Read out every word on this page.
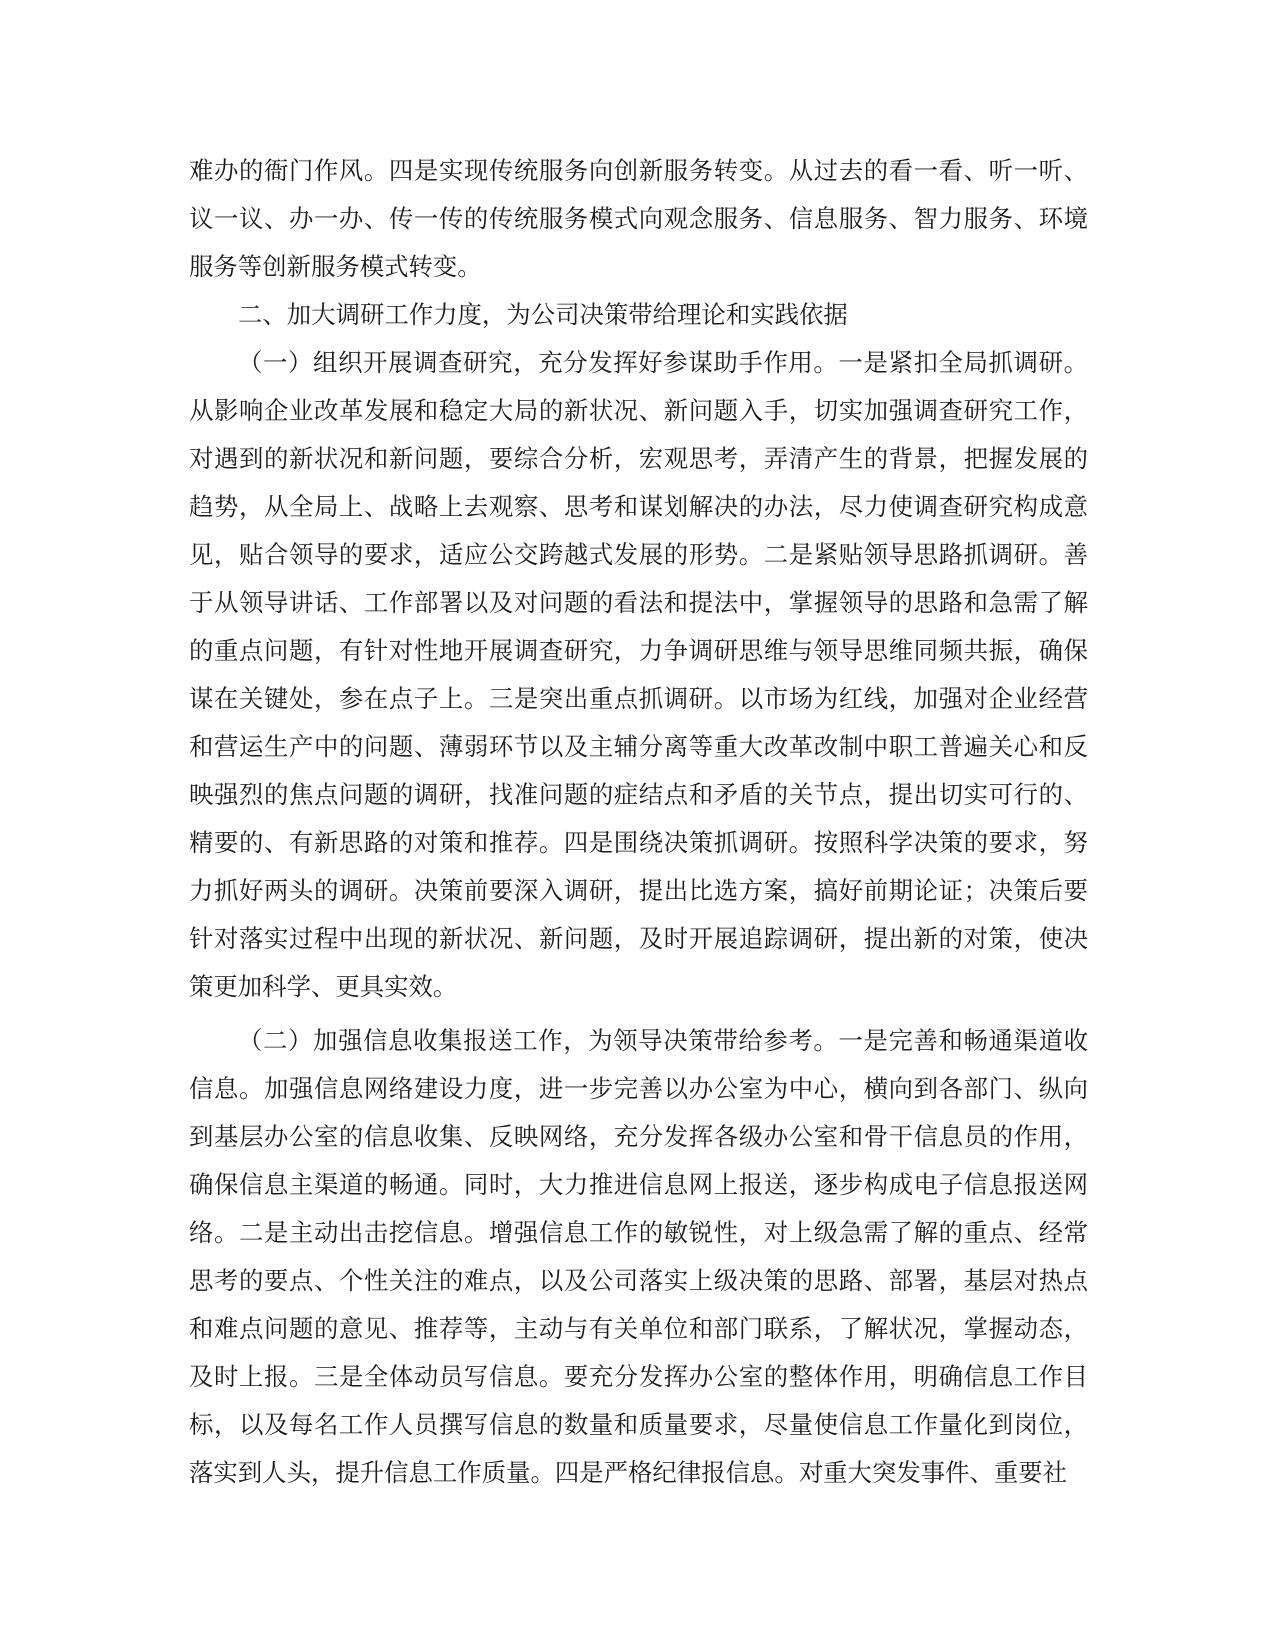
难办的衙门作风。四是实现传统服务向创新服务转变。从过去的看一看、听一听、议一议、办一办、传一传的传统服务模式向观念服务、信息服务、智力服务、环境服务等创新服务模式转变。

二、加大调研工作力度，为公司决策带给理论和实践依据

（一）组织开展调查研究，充分发挥好参谋助手作用。一是紧扣全局抓调研。从影响企业改革发展和稳定大局的新状况、新问题入手，切实加强调查研究工作，对遇到的新状况和新问题，要综合分析，宏观思考，弄清产生的背景，把握发展的趋势，从全局上、战略上去观察、思考和谋划解决的办法，尽力使调查研究构成意见，贴合领导的要求，适应公交跨越式发展的形势。二是紧贴领导思路抓调研。善于从领导讲话、工作部署以及对问题的看法和提法中，掌握领导的思路和急需了解的重点问题，有针对性地开展调查研究，力争调研思维与领导思维同频共振，确保谋在关键处，参在点子上。三是突出重点抓调研。以市场为红线，加强对企业经营和营运生产中的问题、薄弱环节以及主辅分离等重大改革改制中职工普遍关心和反映强烈的焦点问题的调研，找准问题的症结点和矛盾的关节点，提出切实可行的、精要的、有新思路的对策和推荐。四是围绕决策抓调研。按照科学决策的要求，努力抓好两头的调研。决策前要深入调研，提出比选方案，搞好前期论证；决策后要针对落实过程中出现的新状况、新问题，及时开展追踪调研，提出新的对策，使决策更加科学、更具实效。

（二）加强信息收集报送工作，为领导决策带给参考。一是完善和畅通渠道收信息。加强信息网络建设力度，进一步完善以办公室为中心，横向到各部门、纵向到基层办公室的信息收集、反映网络，充分发挥各级办公室和骨干信息员的作用，确保信息主渠道的畅通。同时，大力推进信息网上报送，逐步构成电子信息报送网络。二是主动出击挖信息。增强信息工作的敏锐性，对上级急需了解的重点、经常思考的要点、个性关注的难点，以及公司落实上级决策的思路、部署，基层对热点和难点问题的意见、推荐等，主动与有关单位和部门联系，了解状况，掌握动态，及时上报。三是全体动员写信息。要充分发挥办公室的整体作用，明确信息工作目标，以及每名工作人员撰写信息的数量和质量要求，尽量使信息工作量化到岗位，落实到人头，提升信息工作质量。四是严格纪律报信息。对重大突发事件、重要社
